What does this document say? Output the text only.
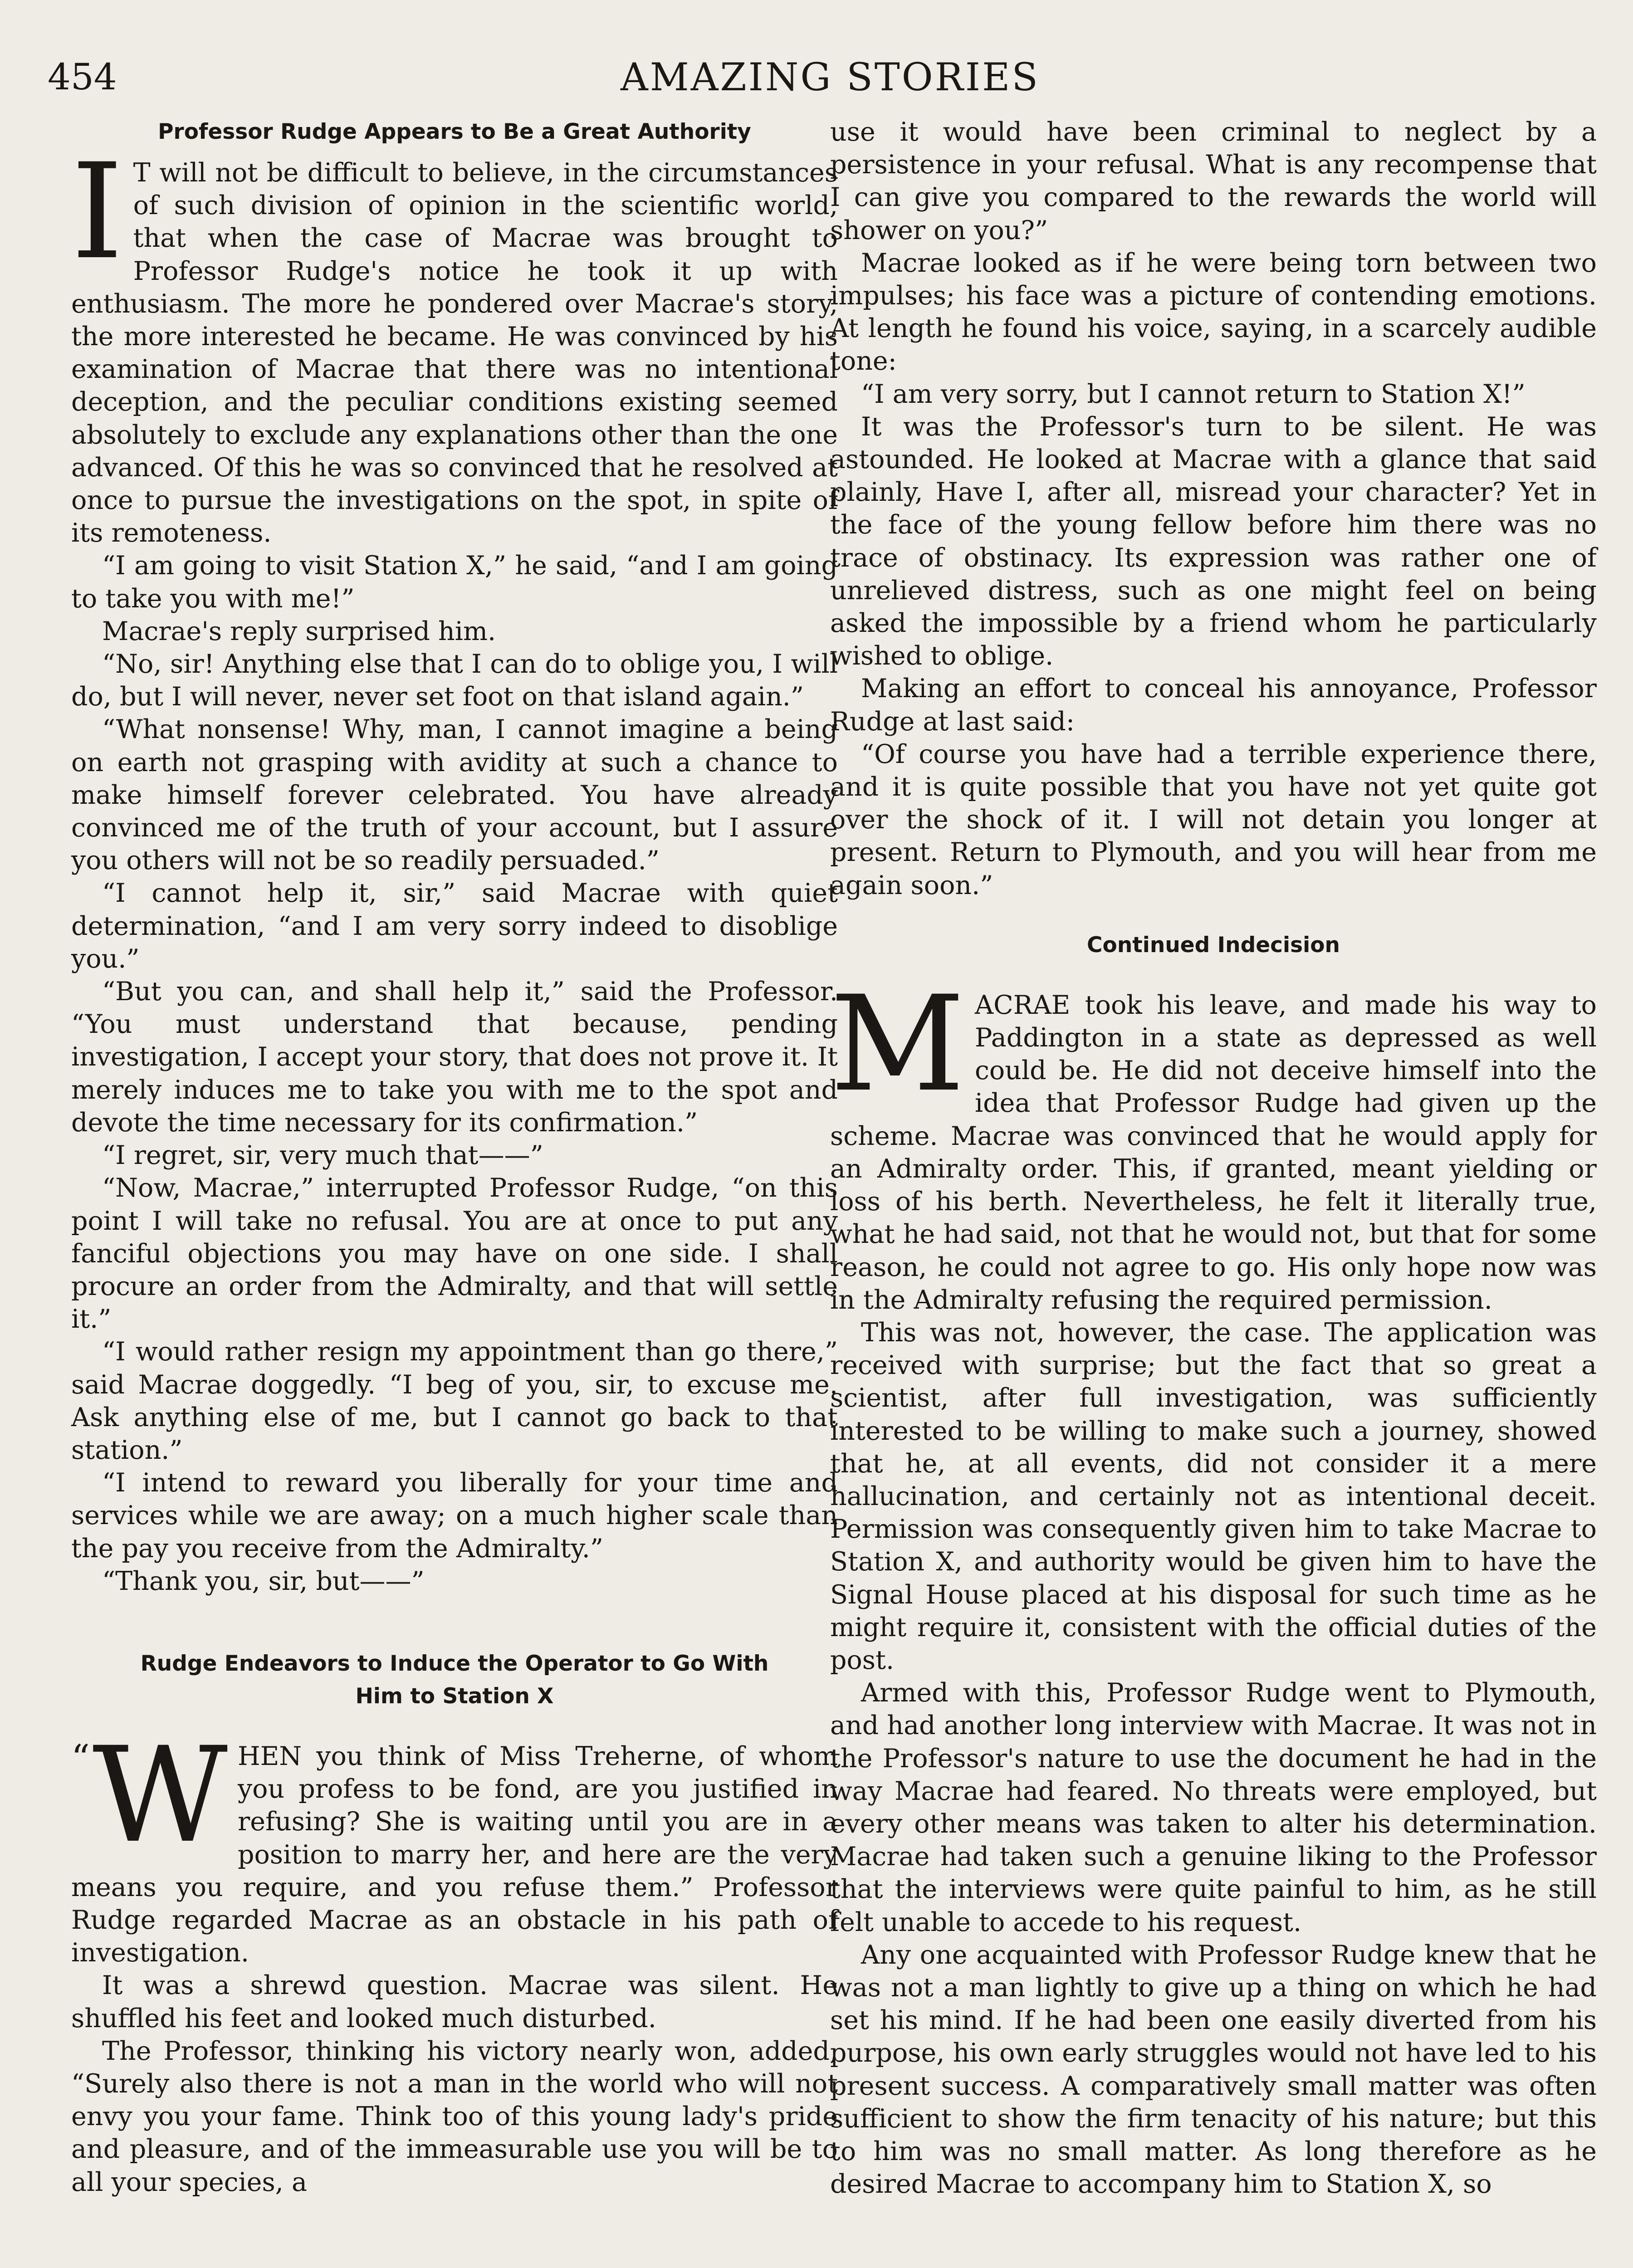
454	AMAZING STORIES
Professor Rudge Appears to Be a Great Authority

I T will not be difficult to believe, in the circumstances of such division of opinion in the scientific world, that when the case of Macrae was brought to Professor Rudge's notice he took it up with enthusiasm. The more he pondered over Macrae's story, the more interested he became. He was convinced by his examination of Macrae that there was no intentional deception, and the peculiar conditions existing seemed absolutely to exclude any explanations other than the one advanced. Of this he was so convinced that he resolved at once to pursue the investigations on the spot, in spite of its remoteness.

“I am going to visit Station X,” he said, “and I am going to take you with me!”

Macrae's reply surprised him.

“No, sir! Anything else that I can do to oblige you, I will do, but I will never, never set foot on that island again.”

“What nonsense! Why, man, I cannot imagine a being on earth not grasping with avidity at such a chance to make himself forever celebrated. You have already convinced me of the truth of your account, but I assure you others will not be so readily persuaded.”

“I cannot help it, sir,” said Macrae with quiet determination, “and I am very sorry indeed to disoblige you.”

“But you can, and shall help it,” said the Professor. “You must understand that because, pending investigation, I accept your story, that does not prove it. It merely induces me to take you with me to the spot and devote the time necessary for its confirmation.”

“I regret, sir, very much that——”

“Now, Macrae,” interrupted Professor Rudge, “on this point I will take no refusal. You are at once to put any fanciful objections you may have on one side. I shall procure an order from the Admiralty, and that will settle it.”

“I would rather resign my appointment than go there,” said Macrae doggedly. “I beg of you, sir, to excuse me. Ask anything else of me, but I cannot go back to that station.”

“I intend to reward you liberally for your time and services while we are away; on a much higher scale than the pay you receive from the Admiralty.”

“Thank you, sir, but——”

Rudge Endeavors to Induce the Operator to Go With
Him to Station X

“ W HEN you think of Miss Treherne, of whom you profess to be fond, are you justified in refusing? She is waiting until you are in a position to marry her, and here are the very means you require, and you refuse them.” Professor Rudge regarded Macrae as an obstacle in his path of investigation.

It was a shrewd question. Macrae was silent. He shuffled his feet and looked much disturbed.

The Professor, thinking his victory nearly won, added, “Surely also there is not a man in the world who will not envy you your fame. Think too of this young lady's pride and pleasure, and of the immeasurable use you will be to all your species, a

use it would have been criminal to neglect by a persistence in your refusal. What is any recompense that I can give you compared to the rewards the world will shower on you?”

Macrae looked as if he were being torn between two impulses; his face was a picture of contending emotions. At length he found his voice, saying, in a scarcely audible tone:

“I am very sorry, but I cannot return to Station X!”

It was the Professor's turn to be silent. He was astounded. He looked at Macrae with a glance that said plainly, Have I, after all, misread your character? Yet in the face of the young fellow before him there was no trace of obstinacy. Its expression was rather one of unrelieved distress, such as one might feel on being asked the impossible by a friend whom he particularly wished to oblige.

Making an effort to conceal his annoyance, Professor Rudge at last said:

“Of course you have had a terrible experience there, and it is quite possible that you have not yet quite got over the shock of it. I will not detain you longer at present. Return to Plymouth, and you will hear from me again soon.”

Continued Indecision

MACRAE took his leave, and made his way to Paddington in a state as depressed as well could be. He did not deceive himself into the idea that Professor Rudge had given up the scheme. Macrae was convinced that he would apply for an Admiralty order. This, if granted, meant yielding or loss of his berth. Nevertheless, he felt it literally true, what he had said, not that he would not, but that for some reason, he could not agree to go. His only hope now was in the Admiralty refusing the required permission.

This was not, however, the case. The application was received with surprise; but the fact that so great a scientist, after full investigation, was sufficiently interested to be willing to make such a journey, showed that he, at all events, did not consider it a mere hallucination, and certainly not as intentional deceit. Permission was consequently given him to take Macrae to Station X, and authority would be given him to have the Signal House placed at his disposal for such time as he might require it, consistent with the official duties of the post.

Armed with this, Professor Rudge went to Plymouth, and had another long interview with Macrae. It was not in the Professor's nature to use the document he had in the way Macrae had feared. No threats were employed, but every other means was taken to alter his determination. Macrae had taken such a genuine liking to the Professor that the interviews were quite painful to him, as he still felt unable to accede to his request.

Any one acquainted with Professor Rudge knew that he was not a man lightly to give up a thing on which he had set his mind. If he had been one easily diverted from his purpose, his own early struggles would not have led to his present success. A comparatively small matter was often sufficient to show the firm tenacity of his nature; but this to him was no small matter. As long therefore as he desired Macrae to accompany him to Station X, so
